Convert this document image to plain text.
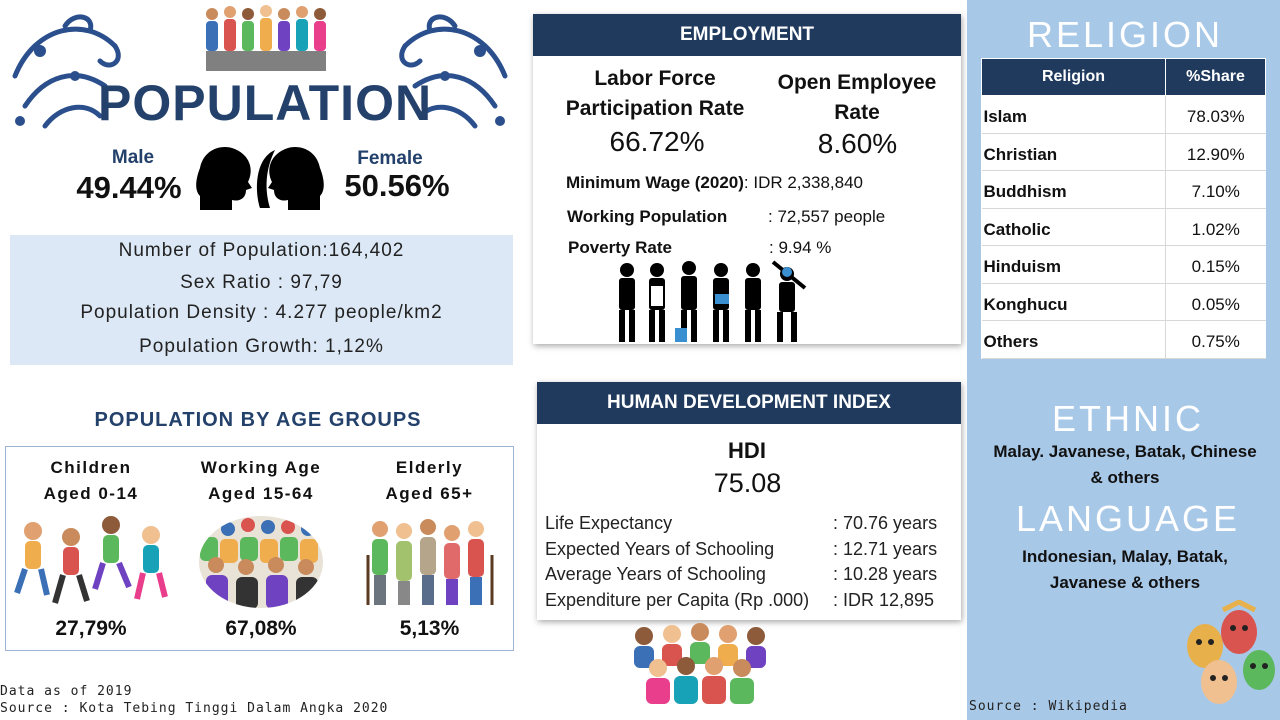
POPULATION
Male
49.44%
Female
50.56%
Number of Population:164,402
Sex Ratio : 97,79
Population Density : 4.277 people/km2
Population Growth: 1,12%
POPULATION BY AGE GROUPS
Children
Aged 0-14
27,79%
Working Age
Aged 15-64
67,08%
Elderly
Aged 65+
5,13%
Data as of 2019
Source : Kota Tebing Tinggi Dalam Angka 2020
EMPLOYMENT
Labor Force
Participation Rate
66.72%
Open Employee
Rate
8.60%
Minimum Wage (2020): IDR 2,338,840
Working Population : 72,557 people
Poverty Rate	: 9.94 %
HUMAN DEVELOPMENT INDEX
HDI
75.08
Life Expectancy	: 70.76 years
Expected Years of Schooling	: 12.71 years
Average Years of Schooling	: 10.28 years
Expenditure per Capita (Rp .000) : IDR 12,895
RELIGION
Religion	%Share
Islam	78.03%
Christian	12.90%
Buddhism	7.10%
Catholic	1.02%
Hinduism	0.15%
Konghucu	0.05%
Others	0.75%
ETHNIC
Malay. Javanese, Batak, Chinese
& others
LANGUAGE
Indonesian, Malay, Batak,
Javanese & others
Source : Wikipedia
